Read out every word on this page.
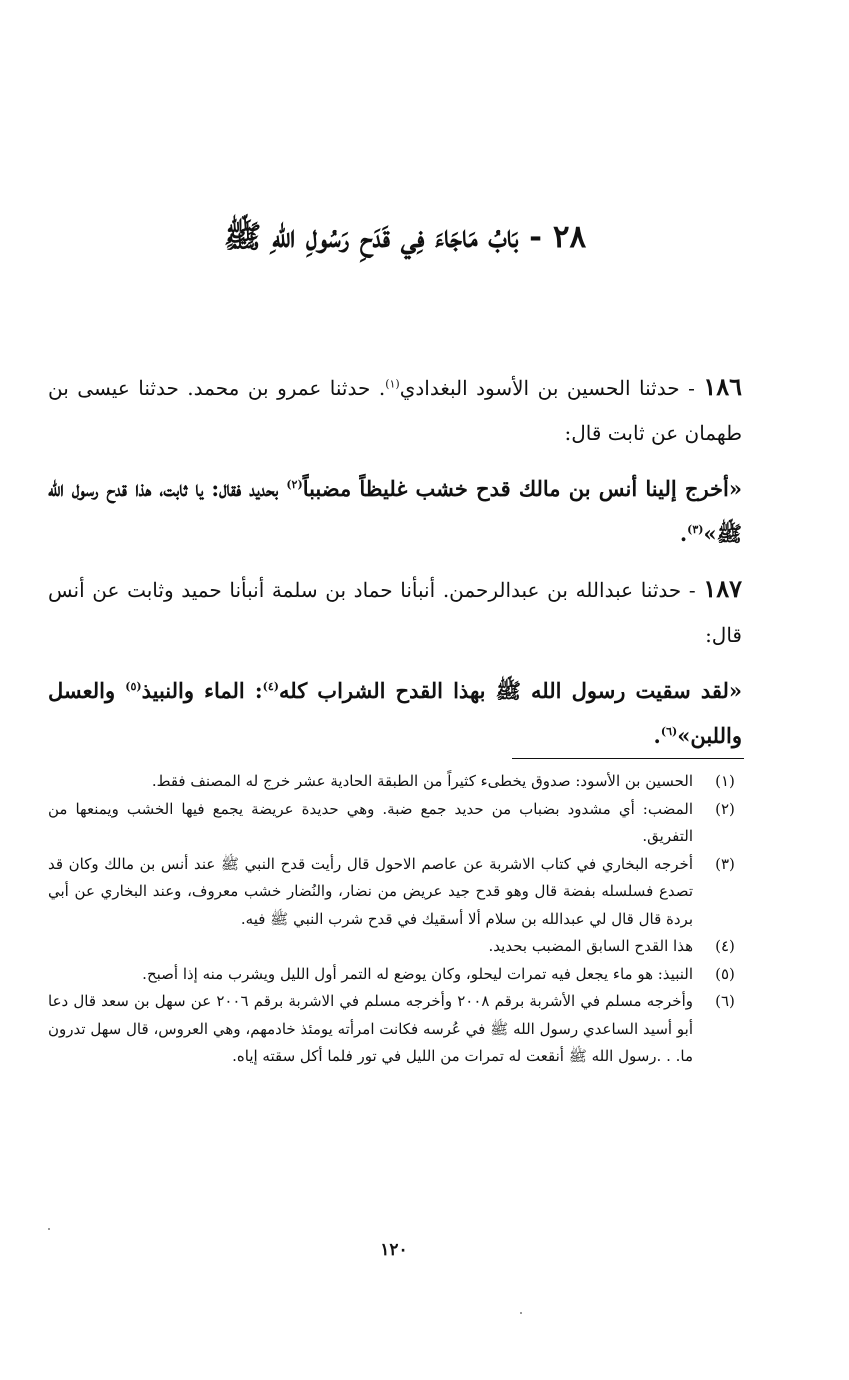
٢٨ - بَابُ مَاجَاءَ فِي قَدَحِ رَسُولِ اللهِ ﷺ

١٨٦ - حدثنا الحسين بن الأسود البغدادي$^{(١)}$. حدثنا عمرو بن محمد. حدثنا عيسى بن طهمان عن ثابت قال:

«أخرج إلينا أنس بن مالك قدح خشب غليظاً مضبباً$^{(٢)}$ بحديد فقال: يا ثابت، هذا قدح رسول الله ﷺ»$^{(٣)}$.

١٨٧ - حدثنا عبدالله بن عبدالرحمن. أنبأنا حماد بن سلمة أنبأنا حميد وثابت عن أنس قال:

«لقد سقيت رسول الله ﷺ بهذا القدح الشراب كله$^{(٤)}$: الماء والنبيذ$^{(٥)}$ والعسل واللبن»$^{(٦)}$.

(١)
الحسين بن الأسود: صدوق يخطىء كثيراً من الطبقة الحادية عشر خرج له المصنف فقط.
(٢)
المضب: أي مشدود بضباب من حديد جمع ضبة. وهي حديدة عريضة يجمع فيها الخشب ويمنعها من التفريق.
(٣)
أخرجه البخاري في كتاب الاشربة عن عاصم الاحول قال رأيت قدح النبي ﷺ عند أنس بن مالك وكان قد تصدع فسلسله بفضة قال وهو قدح جيد عريض من نضار، والنُضار خشب معروف، وعند البخاري عن أبي بردة قال قال لي عبدالله بن سلام ألا أسقيك في قدح شرب النبي ﷺ فيه.
(٤)
هذا القدح السابق المضبب بحديد.
(٥)
النبيذ: هو ماء يجعل فيه تمرات ليحلو، وكان يوضع له التمر أول الليل ويشرب منه إذا أصبح.
(٦)
وأخرجه مسلم في الأشربة برقم ٢٠٠٨ وأخرجه مسلم في الاشربة برقم ٢٠٠٦ عن سهل بن سعد قال دعا أبو أسيد الساعدي رسول الله ﷺ في عُرسه فكانت امرأته يومئذ خادمهم، وهي العروس، قال سهل تدرون ما. . .رسول الله ﷺ أنقعت له تمرات من الليل في تور فلما أكل سقته إياه.

١٢٠
